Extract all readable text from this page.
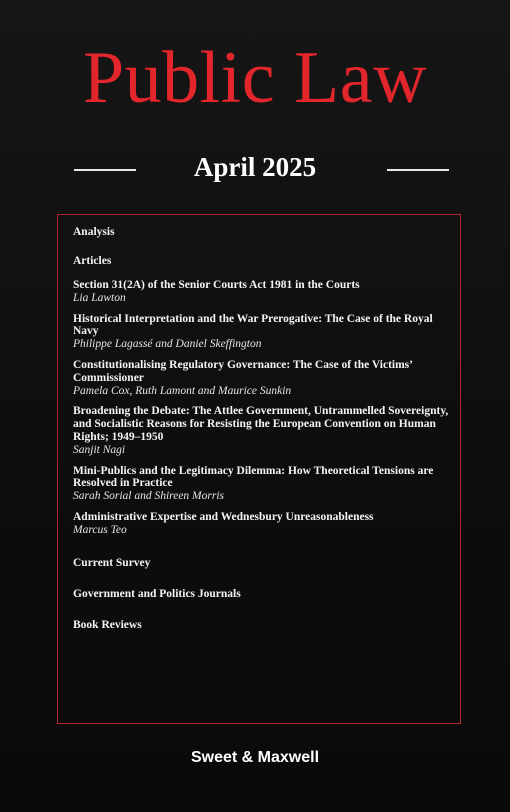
Public Law
April 2025

Analysis

Articles

Section 31(2A) of the Senior Courts Act 1981 in the Courts
Lia Lawton
Historical Interpretation and the War Prerogative: The Case of the Royal Navy
Philippe Lagassé and Daniel Skeffington
Constitutionalising Regulatory Governance: The Case of the Victims’ Commissioner
Pamela Cox, Ruth Lamont and Maurice Sunkin
Broadening the Debate: The Attlee Government, Untrammelled Sovereignty, and Socialistic Reasons for Resisting the European Convention on Human Rights; 1949–1950
Sanjit Nagi
Mini-Publics and the Legitimacy Dilemma: How Theoretical Tensions are Resolved in Practice
Sarah Sorial and Shireen Morris
Administrative Expertise and Wednesbury Unreasonableness
Marcus Teo

Current Survey

Government and Politics Journals

Book Reviews

Sweet & Maxwell
